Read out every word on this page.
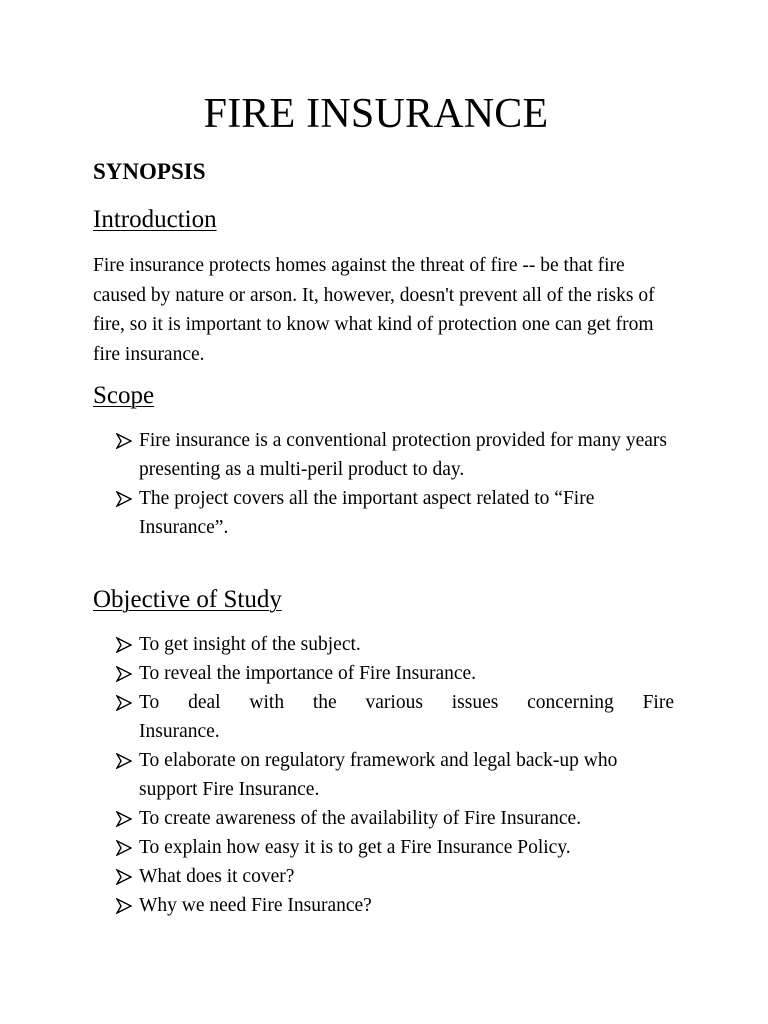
FIRE INSURANCE
SYNOPSIS
Introduction

Fire insurance protects homes against the threat of fire -- be that fire caused by nature or arson. It, however, doesn't prevent all of the risks of fire, so it is important to know what kind of protection one can get from fire insurance.

Scope
Fire insurance is a conventional protection provided for many years presenting as a multi-peril product to day.
The project covers all the important aspect related to “Fire Insurance”.
Objective of Study
To get insight of the subject.
To reveal the importance of Fire Insurance.
To deal with the various issues concerning Fire
Insurance.
To elaborate on regulatory framework and legal back-up who support Fire Insurance.
To create awareness of the availability of Fire Insurance.
To explain how easy it is to get a Fire Insurance Policy.
What does it cover?
Why we need Fire Insurance?
